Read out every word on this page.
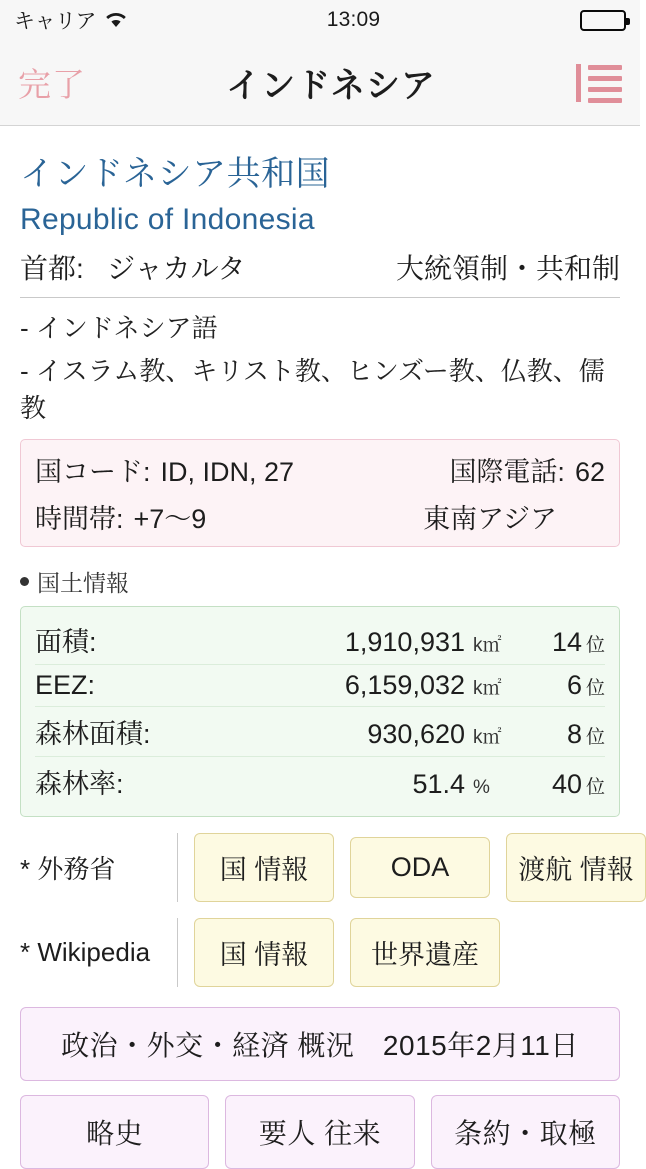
キャリア	13:09
完了	インドネシア
インドネシア共和国
Republic of Indonesia
首都: ジャカルタ	大統領制・共和制
- インドネシア語
- イスラム教、キリスト教、ヒンズー教、仏教、儒教
国コード: ID, IDN, 27	国際電話: 62
時間帯: +7〜9	東南アジア
国土情報
面積:	1,910,931 k㎡	14 位
EEZ:	6,159,032 k㎡	6 位
森林面積:	930,620 k㎡	8 位
森林率:	51.4 %	40 位
* 外務省	国 情報	ODA	渡航 情報
* Wikipedia	国 情報	世界遺産
政治・外交・経済 概況　2015年2月11日
略史	要人 往来	条約・取極
